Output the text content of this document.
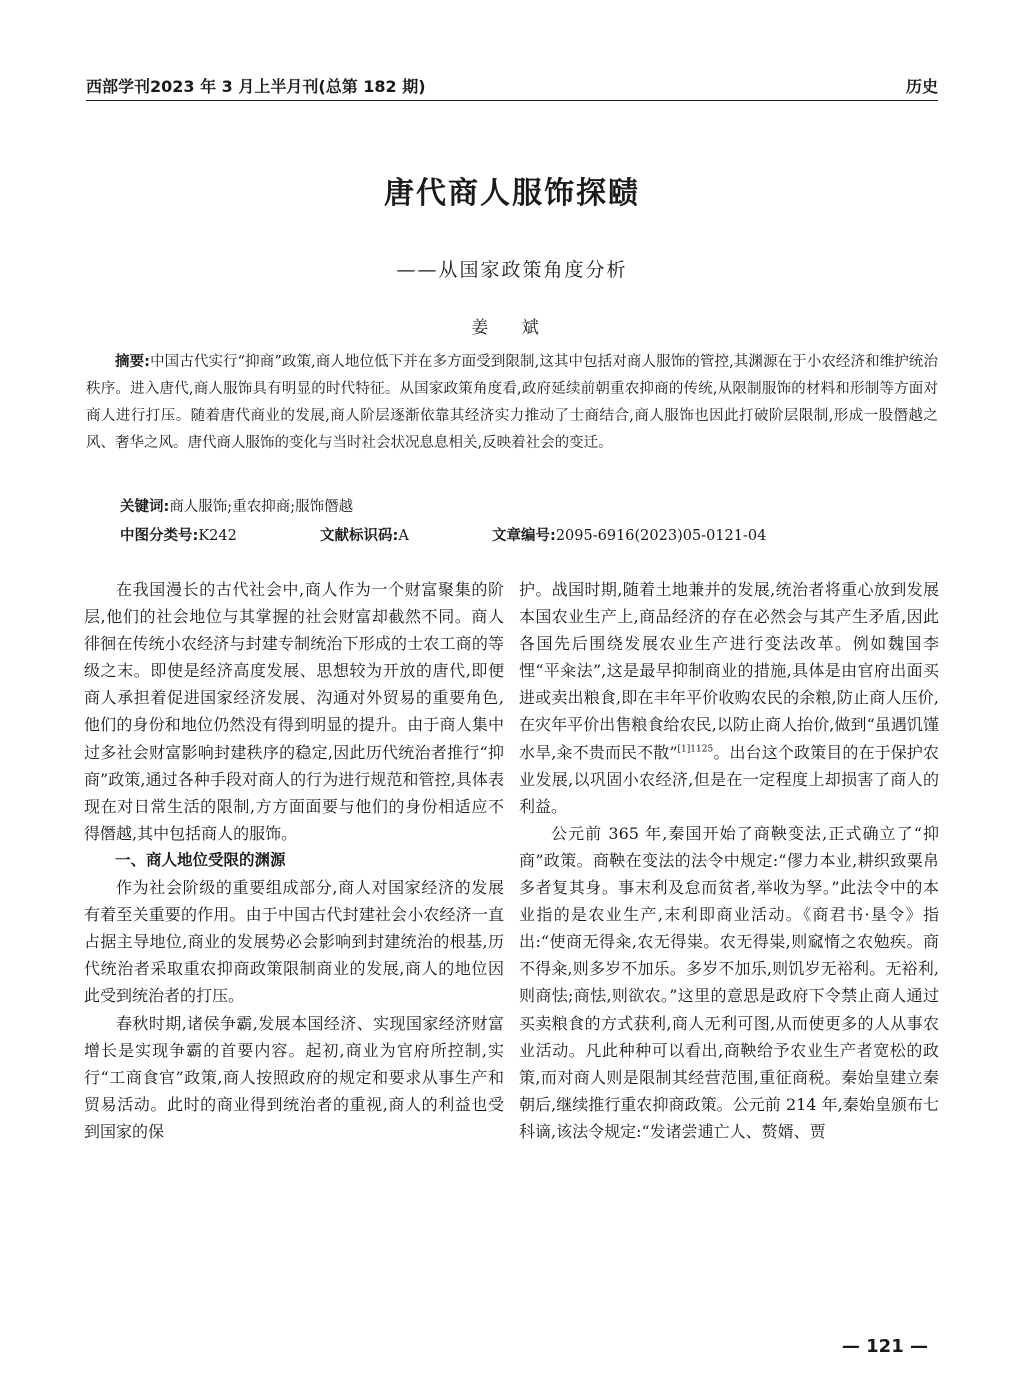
西部学刊2023 年 3 月上半月刊(总第 182 期)	历史
唐代商人服饰探赜
——从国家政策角度分析
姜 斌
摘要:中国古代实行“抑商”政策,商人地位低下并在多方面受到限制,这其中包括对商人服饰的管控,其渊源在于小农经济和维护统治秩序。进入唐代,商人服饰具有明显的时代特征。从国家政策角度看,政府延续前朝重农抑商的传统,从限制服饰的材料和形制等方面对商人进行打压。随着唐代商业的发展,商人阶层逐渐依靠其经济实力推动了士商结合,商人服饰也因此打破阶层限制,形成一股僭越之风、奢华之风。唐代商人服饰的变化与当时社会状况息息相关,反映着社会的变迁。
关键词:商人服饰;重农抑商;服饰僭越
中图分类号:K242	文献标识码:A	文章编号:2095-6916(2023)05-0121-04

在我国漫长的古代社会中,商人作为一个财富聚集的阶层,他们的社会地位与其掌握的社会财富却截然不同。商人徘徊在传统小农经济与封建专制统治下形成的士农工商的等级之末。即使是经济高度发展、思想较为开放的唐代,即便商人承担着促进国家经济发展、沟通对外贸易的重要角色,他们的身份和地位仍然没有得到明显的提升。由于商人集中过多社会财富影响封建秩序的稳定,因此历代统治者推行“抑商”政策,通过各种手段对商人的行为进行规范和管控,具体表现在对日常生活的限制,方方面面要与他们的身份相适应不得僭越,其中包括商人的服饰。

一、商人地位受限的渊源

作为社会阶级的重要组成部分,商人对国家经济的发展有着至关重要的作用。由于中国古代封建社会小农经济一直占据主导地位,商业的发展势必会影响到封建统治的根基,历代统治者采取重农抑商政策限制商业的发展,商人的地位因此受到统治者的打压。

春秋时期,诸侯争霸,发展本国经济、实现国家经济财富增长是实现争霸的首要内容。起初,商业为官府所控制,实行“工商食官”政策,商人按照政府的规定和要求从事生产和贸易活动。此时的商业得到统治者的重视,商人的利益也受到国家的保

护。战国时期,随着土地兼并的发展,统治者将重心放到发展本国农业生产上,商品经济的存在必然会与其产生矛盾,因此各国先后围绕发展农业生产进行变法改革。例如魏国李悝“平籴法”,这是最早抑制商业的措施,具体是由官府出面买进或卖出粮食,即在丰年平价收购农民的余粮,防止商人压价,在灾年平价出售粮食给农民,以防止商人抬价,做到“虽遇饥馑水旱,籴不贵而民不散”$^{[1]1125}$。出台这个政策目的在于保护农业发展,以巩固小农经济,但是在一定程度上却损害了商人的利益。

公元前 365 年,秦国开始了商鞅变法,正式确立了“抑商”政策。商鞅在变法的法令中规定:“僇力本业,耕织致粟帛多者复其身。事末利及怠而贫者,举收为孥。”此法令中的本业指的是农业生产,末利即商业活动。《商君书·垦令》指出:“使商无得籴,农无得粜。农无得粜,则窳惰之农勉疾。商不得籴,则多岁不加乐。多岁不加乐,则饥岁无裕利。无裕利,则商怯;商怯,则欲农。”这里的意思是政府下令禁止商人通过买卖粮食的方式获利,商人无利可图,从而使更多的人从事农业活动。凡此种种可以看出,商鞅给予农业生产者宽松的政策,而对商人则是限制其经营范围,重征商税。秦始皇建立秦朝后,继续推行重农抑商政策。公元前 214 年,秦始皇颁布七科谪,该法令规定:“发诸尝逋亡人、赘婿、贾

— 121 —
